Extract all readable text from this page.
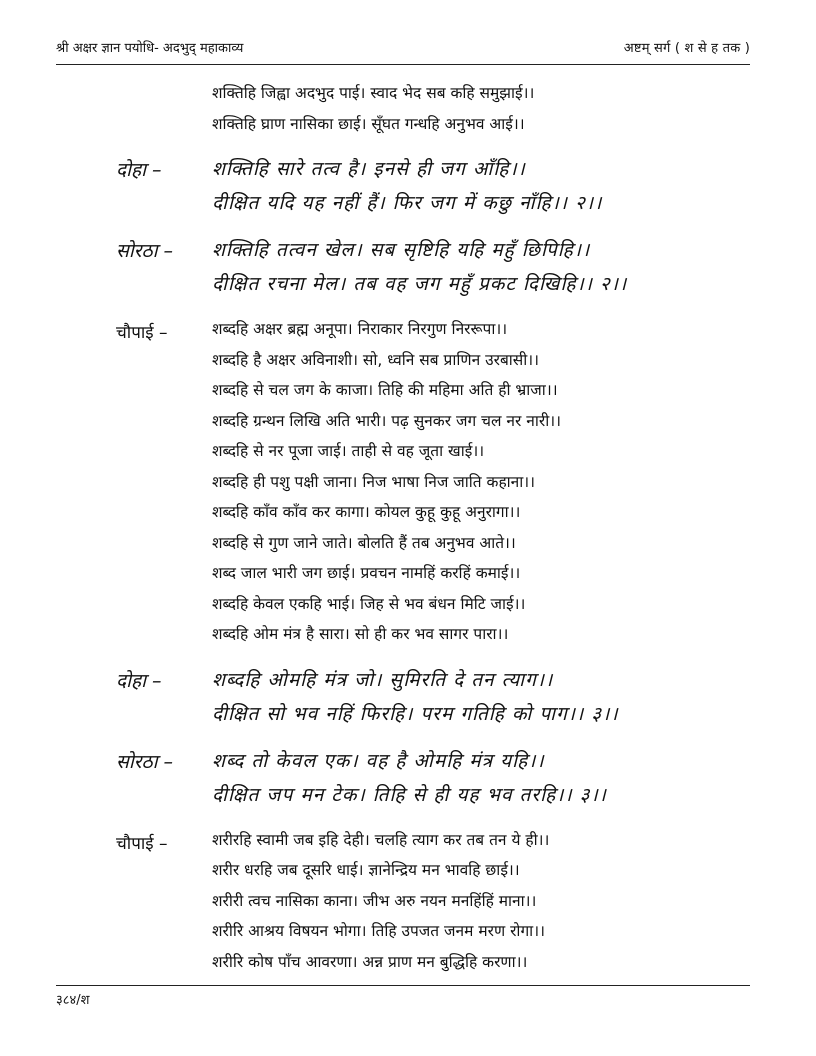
श्री अक्षर ज्ञान पयोधि- अदभुद् महाकाव्य	अष्टम् सर्ग ( श से ह तक )
शक्तिहि जिह्वा अदभुद पाई। स्वाद भेद सब कहि समुझाई।।
शक्तिहि घ्राण नासिका छाई। सूँघत गन्धहि अनुभव आई।।
दोहा –	शक्तिहि सारे तत्व है। इनसे ही जग आँहि।।
दीक्षित यदि यह नहीं हैं। फिर जग में कछु नाँहि।। २।।
सोरठा – शक्तिहि तत्वन खेल। सब सृष्टिहि यहि महुँ छिपिहि।।
दीक्षित रचना मेल। तब वह जग महुँ प्रकट दिखिहि।। २।।
चौपाई –	शब्दहि अक्षर ब्रह्म अनूपा। निराकार निरगुण निररूपा।।
शब्दहि है अक्षर अविनाशी। सो, ध्वनि सब प्राणिन उरबासी।।
शब्दहि से चल जग के काजा। तिहि की महिमा अति ही भ्राजा।।
शब्दहि ग्रन्थन लिखि अति भारी। पढ़ सुनकर जग चल नर नारी।।
शब्दहि से नर पूजा जाई। ताही से वह जूता खाई।।
शब्दहि ही पशु पक्षी जाना। निज भाषा निज जाति कहाना।।
शब्दहि काँव काँव कर कागा। कोयल कुहू कुहू अनुरागा।।
शब्दहि से गुण जाने जाते। बोलति हैं तब अनुभव आते।।
शब्द जाल भारी जग छाई। प्रवचन नामहिं करहिं कमाई।।
शब्दहि केवल एकहि भाई। जिह से भव बंधन मिटि जाई।।
शब्दहि ओम मंत्र है सारा। सो ही कर भव सागर पारा।।
दोहा –	शब्दहि ओमहि मंत्र जो। सुमिरति दे तन त्याग।।
दीक्षित सो भव नहिं फिरहि। परम गतिहि को पाग।। ३।।
सोरठा – शब्द तो केवल एक। वह है ओमहि मंत्र यहि।।
दीक्षित जप मन टेक। तिहि से ही यह भव तरहि।। ३।।
चौपाई –	शरीरहि स्वामी जब इहि देही। चलहि त्याग कर तब तन ये ही।।
शरीर धरहि जब दूसरि धाई। ज्ञानेन्द्रिय मन भावहि छाई।।
शरीरी त्वच नासिका काना। जीभ अरु नयन मनहिंहिं माना।।
शरीरि आश्रय विषयन भोगा। तिहि उपजत जनम मरण रोगा।।
शरीरि कोष पाँच आवरणा। अन्न प्राण मन बुद्धिहि करणा।।
३८४/श
